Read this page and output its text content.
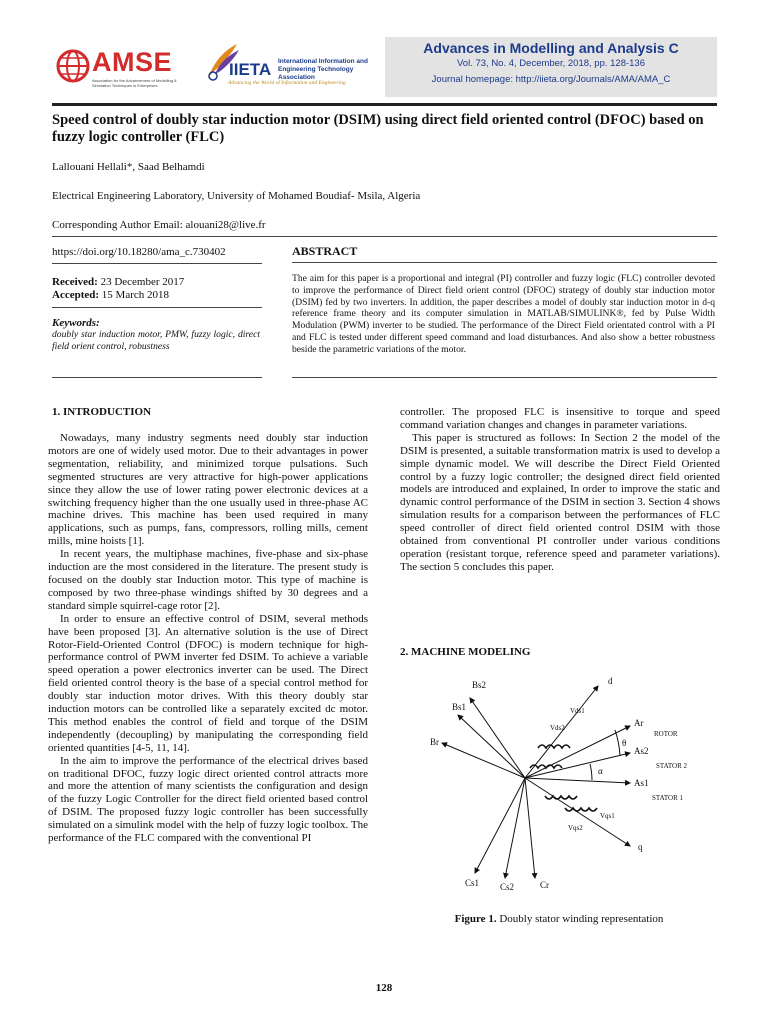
AMSE
Association for the Advancement of Modelling & Simulation Techniques in Enterprises
IIETA International Information and Engineering Technology Association
Advancing the World of Information and Engineering
Advances in Modelling and Analysis C
Vol. 73, No. 4, December, 2018, pp. 128-136
Journal homepage: http://iieta.org/Journals/AMA/AMA_C
Speed control of doubly star induction motor (DSIM) using direct field oriented control (DFOC) based on fuzzy logic controller (FLC)
Lallouani Hellali*, Saad Belhamdi
Electrical Engineering Laboratory, University of Mohamed Boudiaf- Msila, Algeria
Corresponding Author Email: alouani28@live.fr
https://doi.org/10.18280/ama_c.730402
Received: 23 December 2017
Accepted: 15 March 2018
Keywords:
doubly star induction motor, PMW, fuzzy logic, direct field orient control, robustness
ABSTRACT
The aim for this paper is a proportional and integral (PI) controller and fuzzy logic (FLC) controller devoted to improve the performance of Direct field orient control (DFOC) strategy of doubly star induction motor (DSIM) fed by two inverters. In addition, the paper describes a model of doubly star induction motor in d-q reference frame theory and its computer simulation in MATLAB/SIMULINK®, fed by Pulse Width Modulation (PWM) inverter to be studied. The performance of the Direct Field orientated control with a PI and FLC is tested under different speed command and load disturbances. And also show a better robustness beside the parametric variations of the motor.
1. INTRODUCTION

Nowadays, many industry segments need doubly star induction motors are one of widely used motor. Due to their advantages in power segmentation, reliability, and minimized torque pulsations. Such segmented structures are very attractive for high-power applications since they allow the use of lower rating power electronic devices at a switching frequency higher than the one usually used in three-phase AC machine drives. This machine has been used required in many applications, such as pumps, fans, compressors, rolling mills, cement mills, mine hoists [1].

In recent years, the multiphase machines, five-phase and six-phase induction are the most considered in the literature. The present study is focused on the doubly star Induction motor. This type of machine is composed by two three-phase windings shifted by 30 degrees and a standard simple squirrel-cage rotor [2].

In order to ensure an effective control of DSIM, several methods have been proposed [3]. An alternative solution is the use of Direct Rotor-Field-Oriented Control (DFOC) is modern technique for high-performance control of PWM inverter fed DSIM. To achieve a variable speed operation a power electronics inverter can be used. The Direct field oriented control theory is the base of a special control method for doubly star induction motor drives. With this theory doubly star induction motors can be controlled like a separately excited dc motor. This method enables the control of field and torque of the DSIM independently (decoupling) by manipulating the corresponding field oriented quantities [4-5, 11, 14].

In the aim to improve the performance of the electrical drives based on traditional DFOC, fuzzy logic direct oriented control attracts more and more the attention of many scientists the configuration and design of the fuzzy Logic Controller for the direct field oriented based control of DSIM. The proposed fuzzy logic controller has been successfully simulated on a simulink model with the help of fuzzy logic toolbox. The performance of the FLC compared with the conventional PI

controller. The proposed FLC is insensitive to torque and speed command variation changes and changes in parameter variations.

This paper is structured as follows: In Section 2 the model of the DSIM is presented, a suitable transformation matrix is used to develop a simple dynamic model. We will describe the Direct Field Oriented control by a fuzzy logic controller; the designed direct field oriented models are introduced and explained, In order to improve the static and dynamic control performance of the DSIM in section 3. Section 4 shows simulation results for a comparison between the performances of FLC speed controller of direct field oriented control DSIM with those obtained from conventional PI controller under various conditions operation (resistant torque, reference speed and parameter variations). The section 5 concludes this paper.

2. MACHINE MODELING
d
q
Bs2
Bs1
Br
Ar
As2
As1
Cs1 Cs2	Cr
Vds1
Vds2
Vqs1
Vqs2
ROTOR
STATOR 2
STATOR 1
θ
α
Figure 1. Doubly stator winding representation
128
